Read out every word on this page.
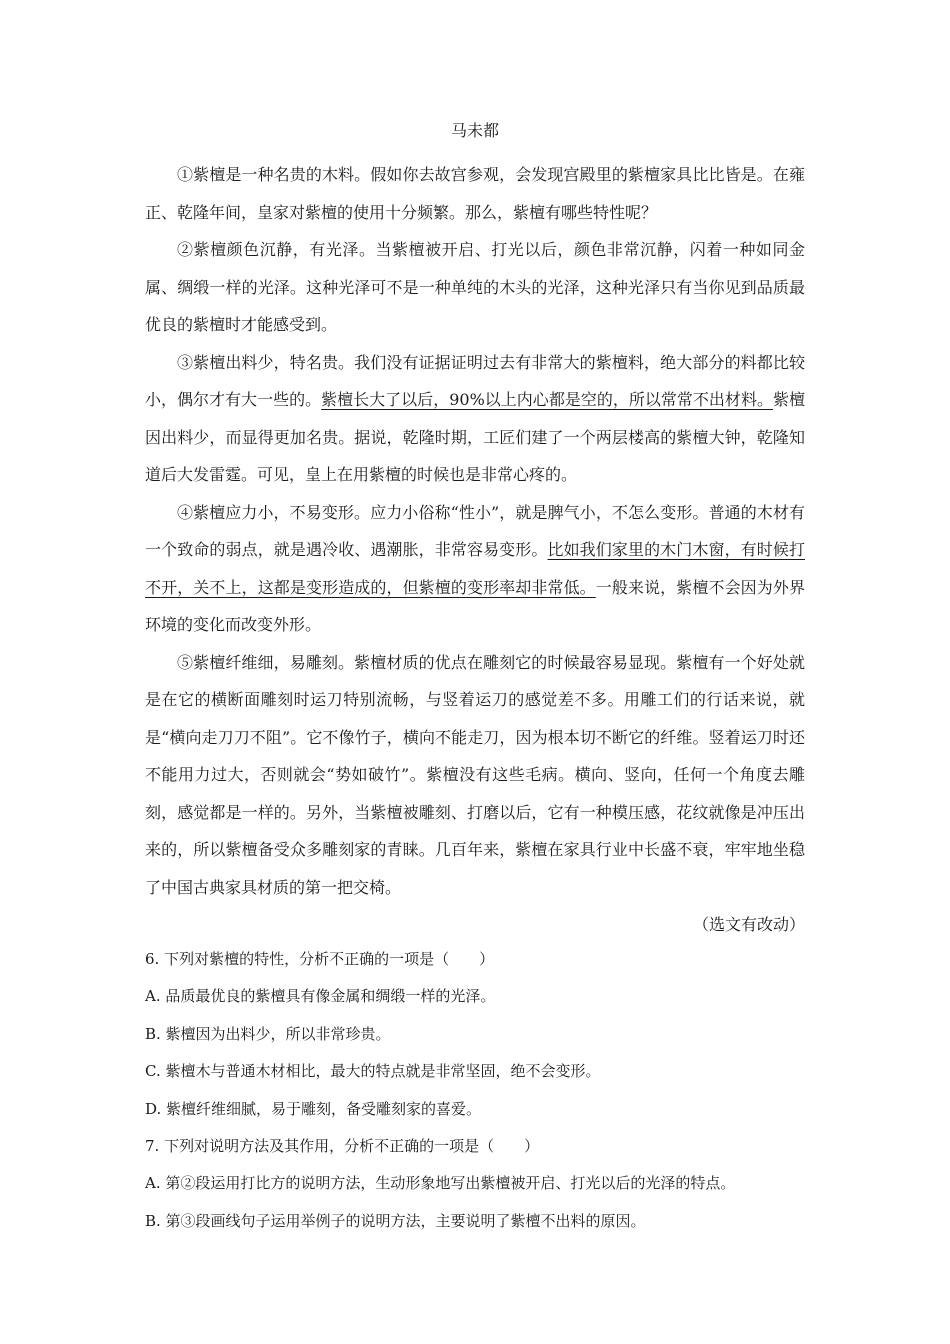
马未都

①紫檀是一种名贵的木料。假如你去故宫参观，会发现宫殿里的紫檀家具比比皆是。在雍正、乾隆年间，皇家对紫檀的使用十分频繁。那么，紫檀有哪些特性呢？

②紫檀颜色沉静，有光泽。当紫檀被开启、打光以后，颜色非常沉静，闪着一种如同金属、绸缎一样的光泽。这种光泽可不是一种单纯的木头的光泽，这种光泽只有当你见到品质最优良的紫檀时才能感受到。

③紫檀出料少，特名贵。我们没有证据证明过去有非常大的紫檀料，绝大部分的料都比较小，偶尔才有大一些的。紫檀长大了以后，90%以上内心都是空的，所以常常不出材料。紫檀因出料少，而显得更加名贵。据说，乾隆时期，工匠们建了一个两层楼高的紫檀大钟，乾隆知道后大发雷霆。可见，皇上在用紫檀的时候也是非常心疼的。

④紫檀应力小，不易变形。应力小俗称“性小”，就是脾气小，不怎么变形。普通的木材有一个致命的弱点，就是遇冷收、遇潮胀，非常容易变形。比如我们家里的木门木窗，有时候打不开，关不上，这都是变形造成的，但紫檀的变形率却非常低。一般来说，紫檀不会因为外界环境的变化而改变外形。

⑤紫檀纤维细，易雕刻。紫檀材质的优点在雕刻它的时候最容易显现。紫檀有一个好处就是在它的横断面雕刻时运刀特别流畅，与竖着运刀的感觉差不多。用雕工们的行话来说，就是“横向走刀刀不阻”。它不像竹子，横向不能走刀，因为根本切不断它的纤维。竖着运刀时还不能用力过大，否则就会“势如破竹”。紫檀没有这些毛病。横向、竖向，任何一个角度去雕刻，感觉都是一样的。另外，当紫檀被雕刻、打磨以后，它有一种模压感，花纹就像是冲压出来的，所以紫檀备受众多雕刻家的青睐。几百年来，紫檀在家具行业中长盛不衰，牢牢地坐稳了中国古典家具材质的第一把交椅。

（选文有改动）
6. 下列对紫檀的特性，分析不正确的一项是（　　）
A. 品质最优良的紫檀具有像金属和绸缎一样的光泽。
B. 紫檀因为出料少，所以非常珍贵。
C. 紫檀木与普通木材相比，最大的特点就是非常坚固，绝不会变形。
D. 紫檀纤维细腻，易于雕刻，备受雕刻家的喜爱。
7. 下列对说明方法及其作用，分析不正确的一项是（　　）
A. 第②段运用打比方的说明方法，生动形象地写出紫檀被开启、打光以后的光泽的特点。
B. 第③段画线句子运用举例子的说明方法，主要说明了紫檀不出料的原因。
